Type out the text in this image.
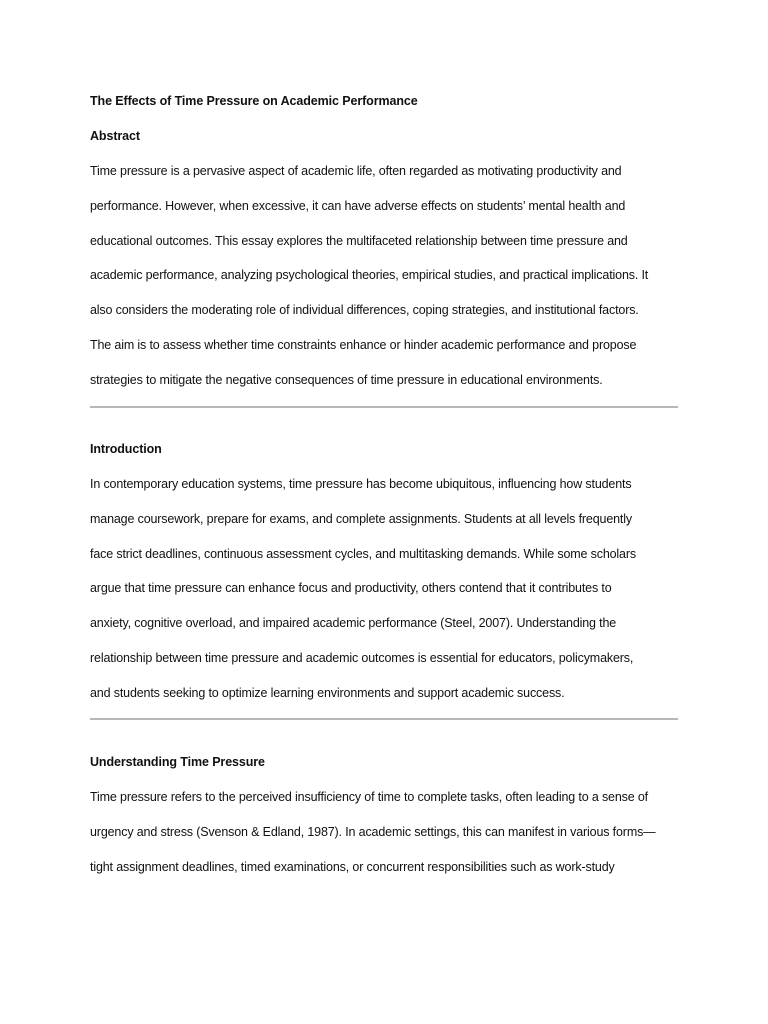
The Effects of Time Pressure on Academic Performance
Abstract
Time pressure is a pervasive aspect of academic life, often regarded as motivating productivity and
performance. However, when excessive, it can have adverse effects on students’ mental health and
educational outcomes. This essay explores the multifaceted relationship between time pressure and
academic performance, analyzing psychological theories, empirical studies, and practical implications. It
also considers the moderating role of individual differences, coping strategies, and institutional factors.
The aim is to assess whether time constraints enhance or hinder academic performance and propose
strategies to mitigate the negative consequences of time pressure in educational environments.
Introduction
In contemporary education systems, time pressure has become ubiquitous, influencing how students
manage coursework, prepare for exams, and complete assignments. Students at all levels frequently
face strict deadlines, continuous assessment cycles, and multitasking demands. While some scholars
argue that time pressure can enhance focus and productivity, others contend that it contributes to
anxiety, cognitive overload, and impaired academic performance (Steel, 2007). Understanding the
relationship between time pressure and academic outcomes is essential for educators, policymakers,
and students seeking to optimize learning environments and support academic success.
Understanding Time Pressure
Time pressure refers to the perceived insufficiency of time to complete tasks, often leading to a sense of
urgency and stress (Svenson & Edland, 1987). In academic settings, this can manifest in various forms—
tight assignment deadlines, timed examinations, or concurrent responsibilities such as work-study
